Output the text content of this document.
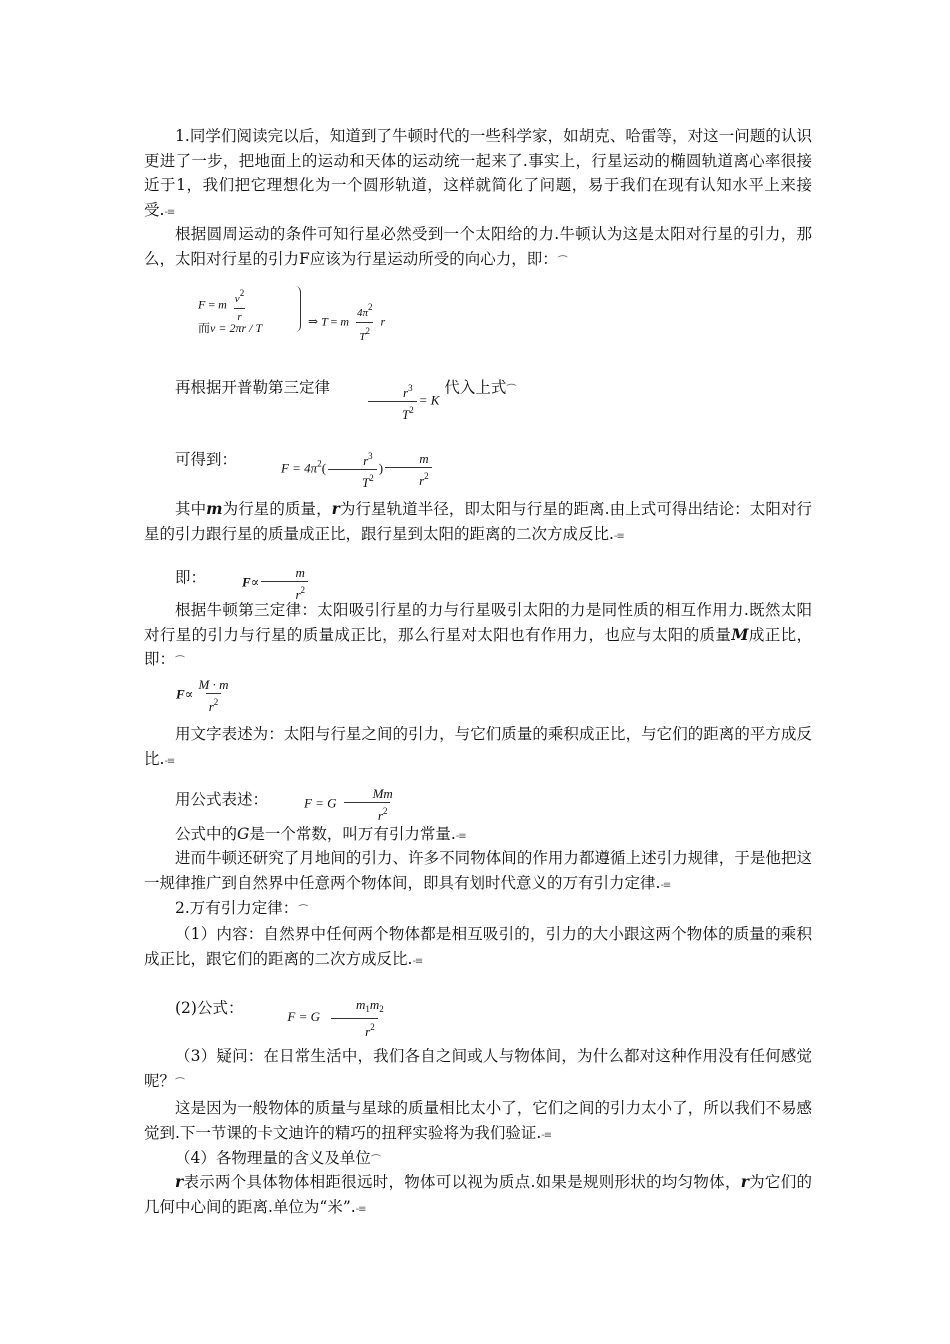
1.同学们阅读完以后，知道到了牛顿时代的一些科学家，如胡克、哈雷等，对这一问题的认识更进了一步，把地面上的运动和天体的运动统一起来了.事实上，行星运动的椭圆轨道离心率很接近于1，我们把它理想化为一个圆形轨道，这样就简化了问题，易于我们在现有认知水平上来接受.-≡

根据圆周运动的条件可知行星必然受到一个太阳给的力.牛顿认为这是太阳对行星的引力，那么，太阳对行星的引力F应该为行星运动所受的向心力，即：⏜

F = m $\frac{v^2}{r}$
而v = 2πr / T	⇒ T = m $\frac{4\pi^2}{T^2}$ r
再根据开普勒第三定律	$\frac{r^3}{T^2} = K$ 代入上式⏜
可得到：	$F = 4\pi^2( \frac{r^3}{T^2}$ ) $\frac{m}{r^2}$

其中m为行星的质量，r为行星轨道半径，即太阳与行星的距离.由上式可得出结论：太阳对行星的引力跟行星的质量成正比，跟行星到太阳的距离的二次方成反比.-≡

即：	$F\propto \frac{m}{r^2}$

根据牛顿第三定律：太阳吸引行星的力与行星吸引太阳的力是同性质的相互作用力.既然太阳对行星的引力与行星的质量成正比，那么行星对太阳也有作用力，也应与太阳的质量M成正比，即：⏜

$F\propto \frac{M \cdot m}{r^2}$

用文字表述为：太阳与行星之间的引力，与它们质量的乘积成正比，与它们的距离的平方成反比.-≡

用公式表述：	F = G $\frac{Mm}{r^2}$

公式中的G是一个常数，叫万有引力常量.-≡

进而牛顿还研究了月地间的引力、许多不同物体间的作用力都遵循上述引力规律，于是他把这一规律推广到自然界中任意两个物体间，即具有划时代意义的万有引力定律.-≡

2.万有引力定律：⏜

（1）内容：自然界中任何两个物体都是相互吸引的，引力的大小跟这两个物体的质量的乘积成正比，跟它们的距离的二次方成反比.-≡

(2)公式：	F = G $\frac{m_1m_2}{r^2}$

（3）疑问：在日常生活中，我们各自之间或人与物体间，为什么都对这种作用没有任何感觉呢？⏜

这是因为一般物体的质量与星球的质量相比太小了，它们之间的引力太小了，所以我们不易感觉到.下一节课的卡文迪许的精巧的扭秤实验将为我们验证.-≡

（4）各物理量的含义及单位⏜

r表示两个具体物体相距很远时，物体可以视为质点.如果是规则形状的均匀物体，r为它们的几何中心间的距离.单位为“米”.-≡
